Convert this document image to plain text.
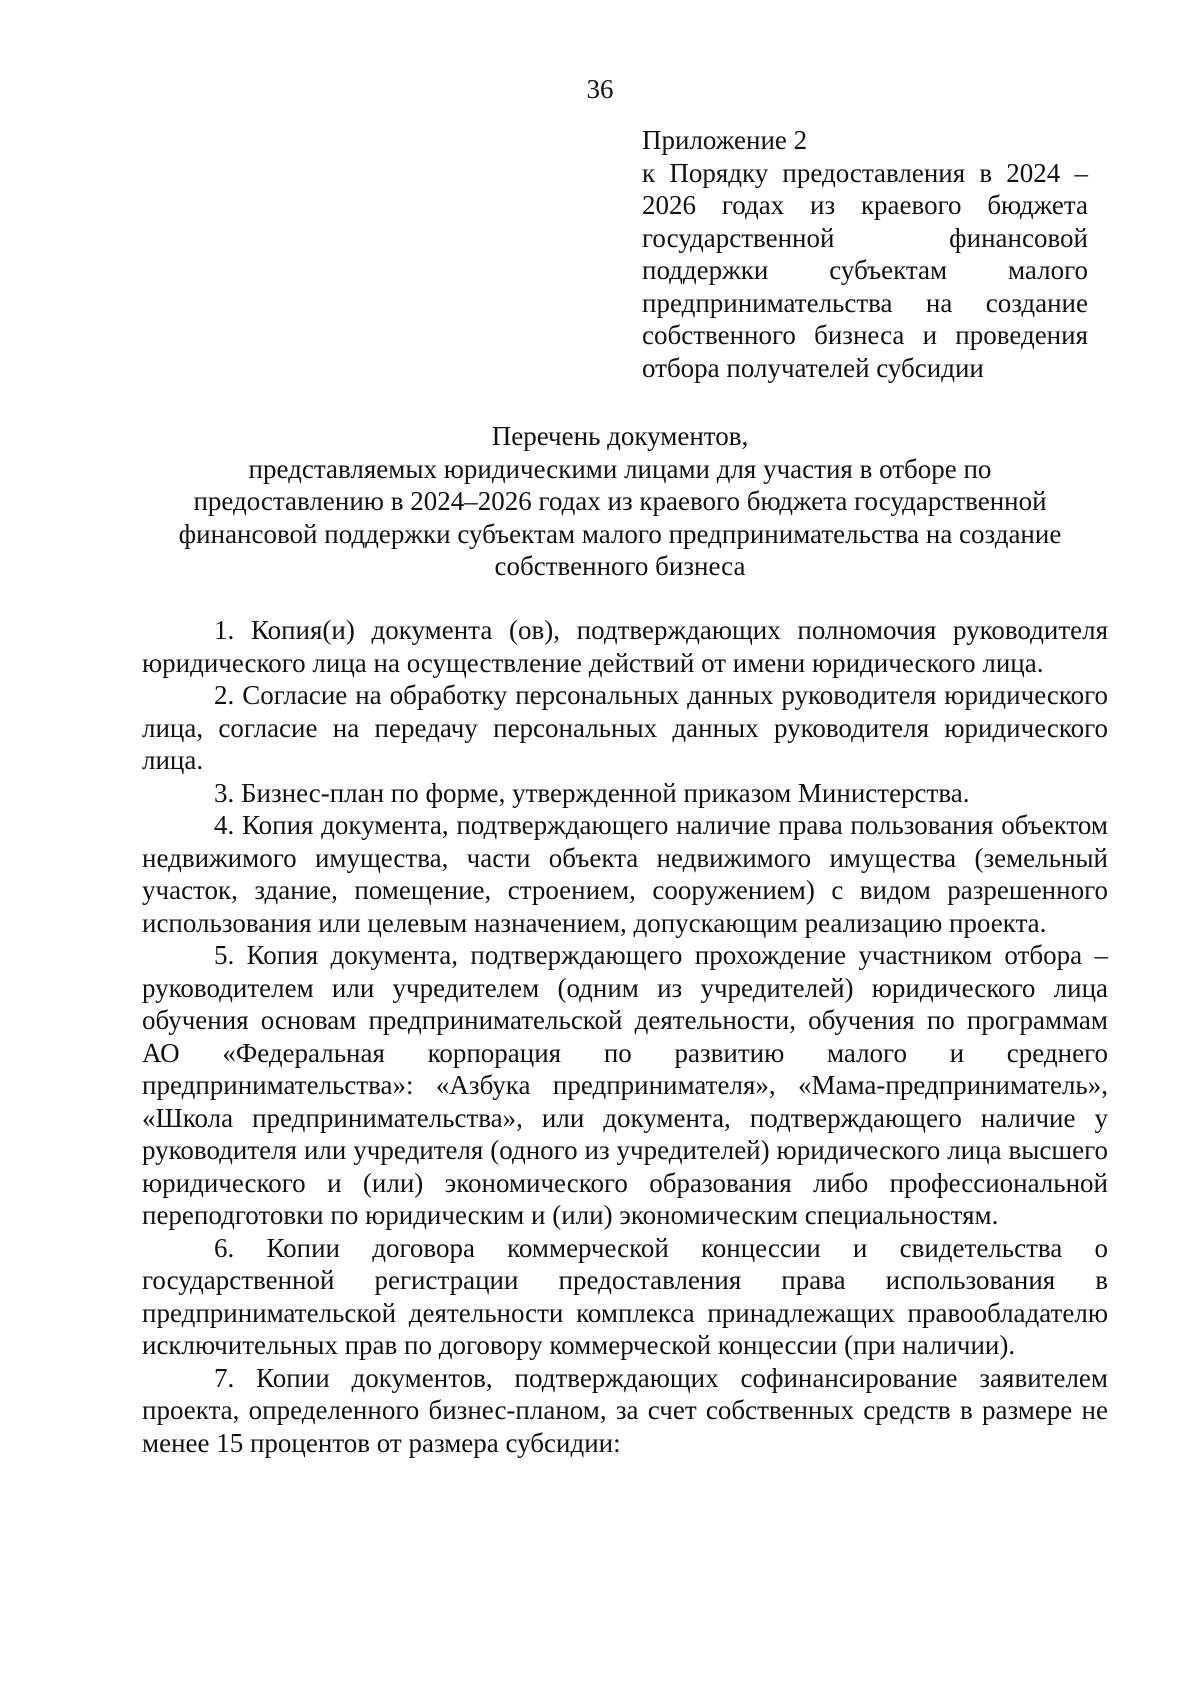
36

Приложение 2

к Порядку предоставления в 2024 – 2026 годах из краевого бюджета государственной финансовой поддержки субъектам малого предпринимательства на создание собственного бизнеса и проведения отбора получателей субсидии

Перечень документов,

представляемых юридическими лицами для участия в отборе по

предоставлению в 2024–2026 годах из краевого бюджета государственной

финансовой поддержки субъектам малого предпринимательства на создание

собственного бизнеса

1. Копия(и) документа (ов), подтверждающих полномочия руководителя юридического лица на осуществление действий от имени юридического лица.

2. Согласие на обработку персональных данных руководителя юридического лица, согласие на передачу персональных данных руководителя юридического лица.

3. Бизнес-план по форме, утвержденной приказом Министерства.

4. Копия документа, подтверждающего наличие права пользования объектом недвижимого имущества, части объекта недвижимого имущества (земельный участок, здание, помещение, строением, сооружением) с видом разрешенного использования или целевым назначением, допускающим реализацию проекта.

5. Копия документа, подтверждающего прохождение участником отбора – руководителем или учредителем (одним из учредителей) юридического лица обучения основам предпринимательской деятельности, обучения по программам АО «Федеральная корпорация по развитию малого и среднего предпринимательства»: «Азбука предпринимателя», «Мама-предприниматель», «Школа предпринимательства», или документа, подтверждающего наличие у руководителя или учредителя (одного из учредителей) юридического лица высшего юридического и (или) экономического образования либо профессиональной переподготовки по юридическим и (или) экономическим специальностям.

6. Копии договора коммерческой концессии и свидетельства о государственной регистрации предоставления права использования в предпринимательской деятельности комплекса принадлежащих правообладателю исключительных прав по договору коммерческой концессии (при наличии).

7. Копии документов, подтверждающих софинансирование заявителем проекта, определенного бизнес-планом, за счет собственных средств в размере не менее 15 процентов от размера субсидии:
